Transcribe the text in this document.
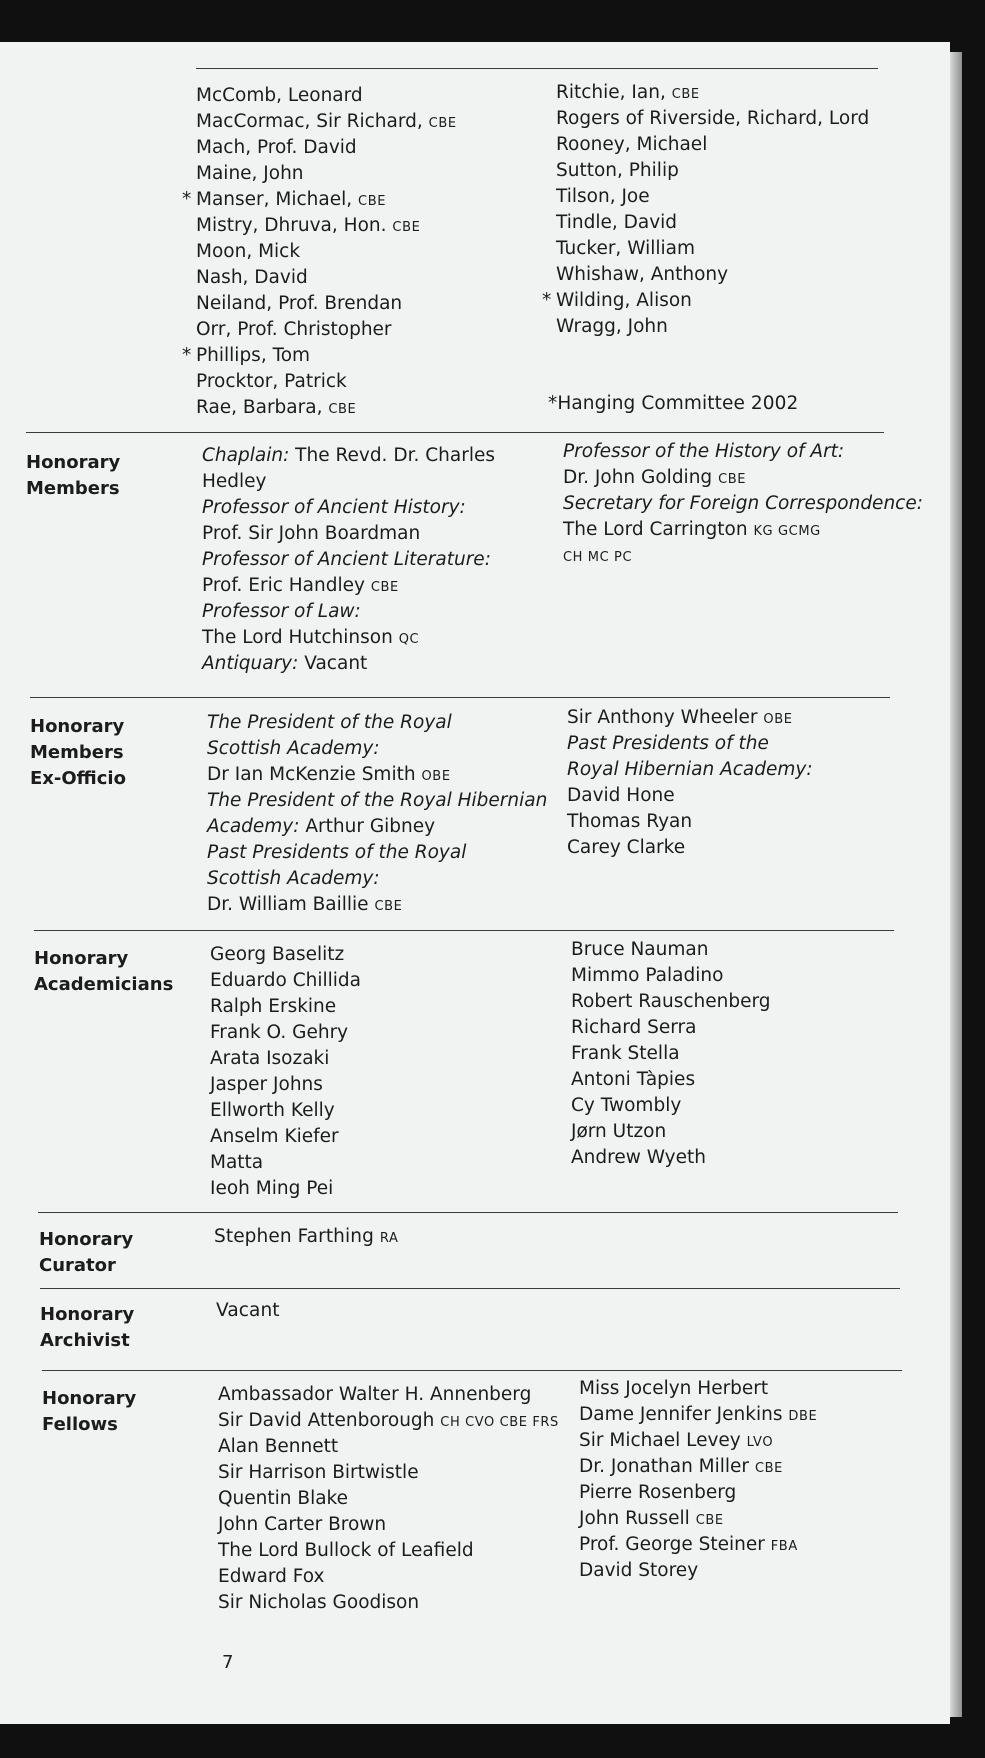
McComb, Leonard
MacCormac, Sir Richard, CBE
Mach, Prof. David
Maine, John
* Manser, Michael, CBE
Mistry, Dhruva, Hon. CBE
Moon, Mick
Nash, David
Neiland, Prof. Brendan
Orr, Prof. Christopher
* Phillips, Tom
Procktor, Patrick
Rae, Barbara, CBE
Ritchie, Ian, CBE
Rogers of Riverside, Richard, Lord
Rooney, Michael
Sutton, Philip
Tilson, Joe
Tindle, David
Tucker, William
Whishaw, Anthony
* Wilding, Alison
Wragg, John
*Hanging Committee 2002
Honorary
Members
Chaplain: The Revd. Dr. Charles
Hedley
Professor of Ancient History:
Prof. Sir John Boardman
Professor of Ancient Literature:
Prof. Eric Handley CBE
Professor of Law:
The Lord Hutchinson QC
Antiquary: Vacant
Professor of the History of Art:
Dr. John Golding CBE
Secretary for Foreign Correspondence:
The Lord Carrington KG GCMG
CH MC PC
Honorary
Members
Ex-Officio
The President of the Royal
Scottish Academy:
Dr Ian McKenzie Smith OBE
The President of the Royal Hibernian
Academy: Arthur Gibney
Past Presidents of the Royal
Scottish Academy:
Dr. William Baillie CBE
Sir Anthony Wheeler OBE
Past Presidents of the
Royal Hibernian Academy:
David Hone
Thomas Ryan
Carey Clarke
Honorary
Academicians
Georg Baselitz
Eduardo Chillida
Ralph Erskine
Frank O. Gehry
Arata Isozaki
Jasper Johns
Ellworth Kelly
Anselm Kiefer
Matta
Ieoh Ming Pei
Bruce Nauman
Mimmo Paladino
Robert Rauschenberg
Richard Serra
Frank Stella
Antoni Tàpies
Cy Twombly
Jørn Utzon
Andrew Wyeth
Honorary
Curator
Stephen Farthing RA
Honorary
Archivist
Vacant
Honorary
Fellows
Ambassador Walter H. Annenberg
Sir David Attenborough CH CVO CBE FRS
Alan Bennett
Sir Harrison Birtwistle
Quentin Blake
John Carter Brown
The Lord Bullock of Leafield
Edward Fox
Sir Nicholas Goodison
Miss Jocelyn Herbert
Dame Jennifer Jenkins DBE
Sir Michael Levey LVO
Dr. Jonathan Miller CBE
Pierre Rosenberg
John Russell CBE
Prof. George Steiner FBA
David Storey
7
